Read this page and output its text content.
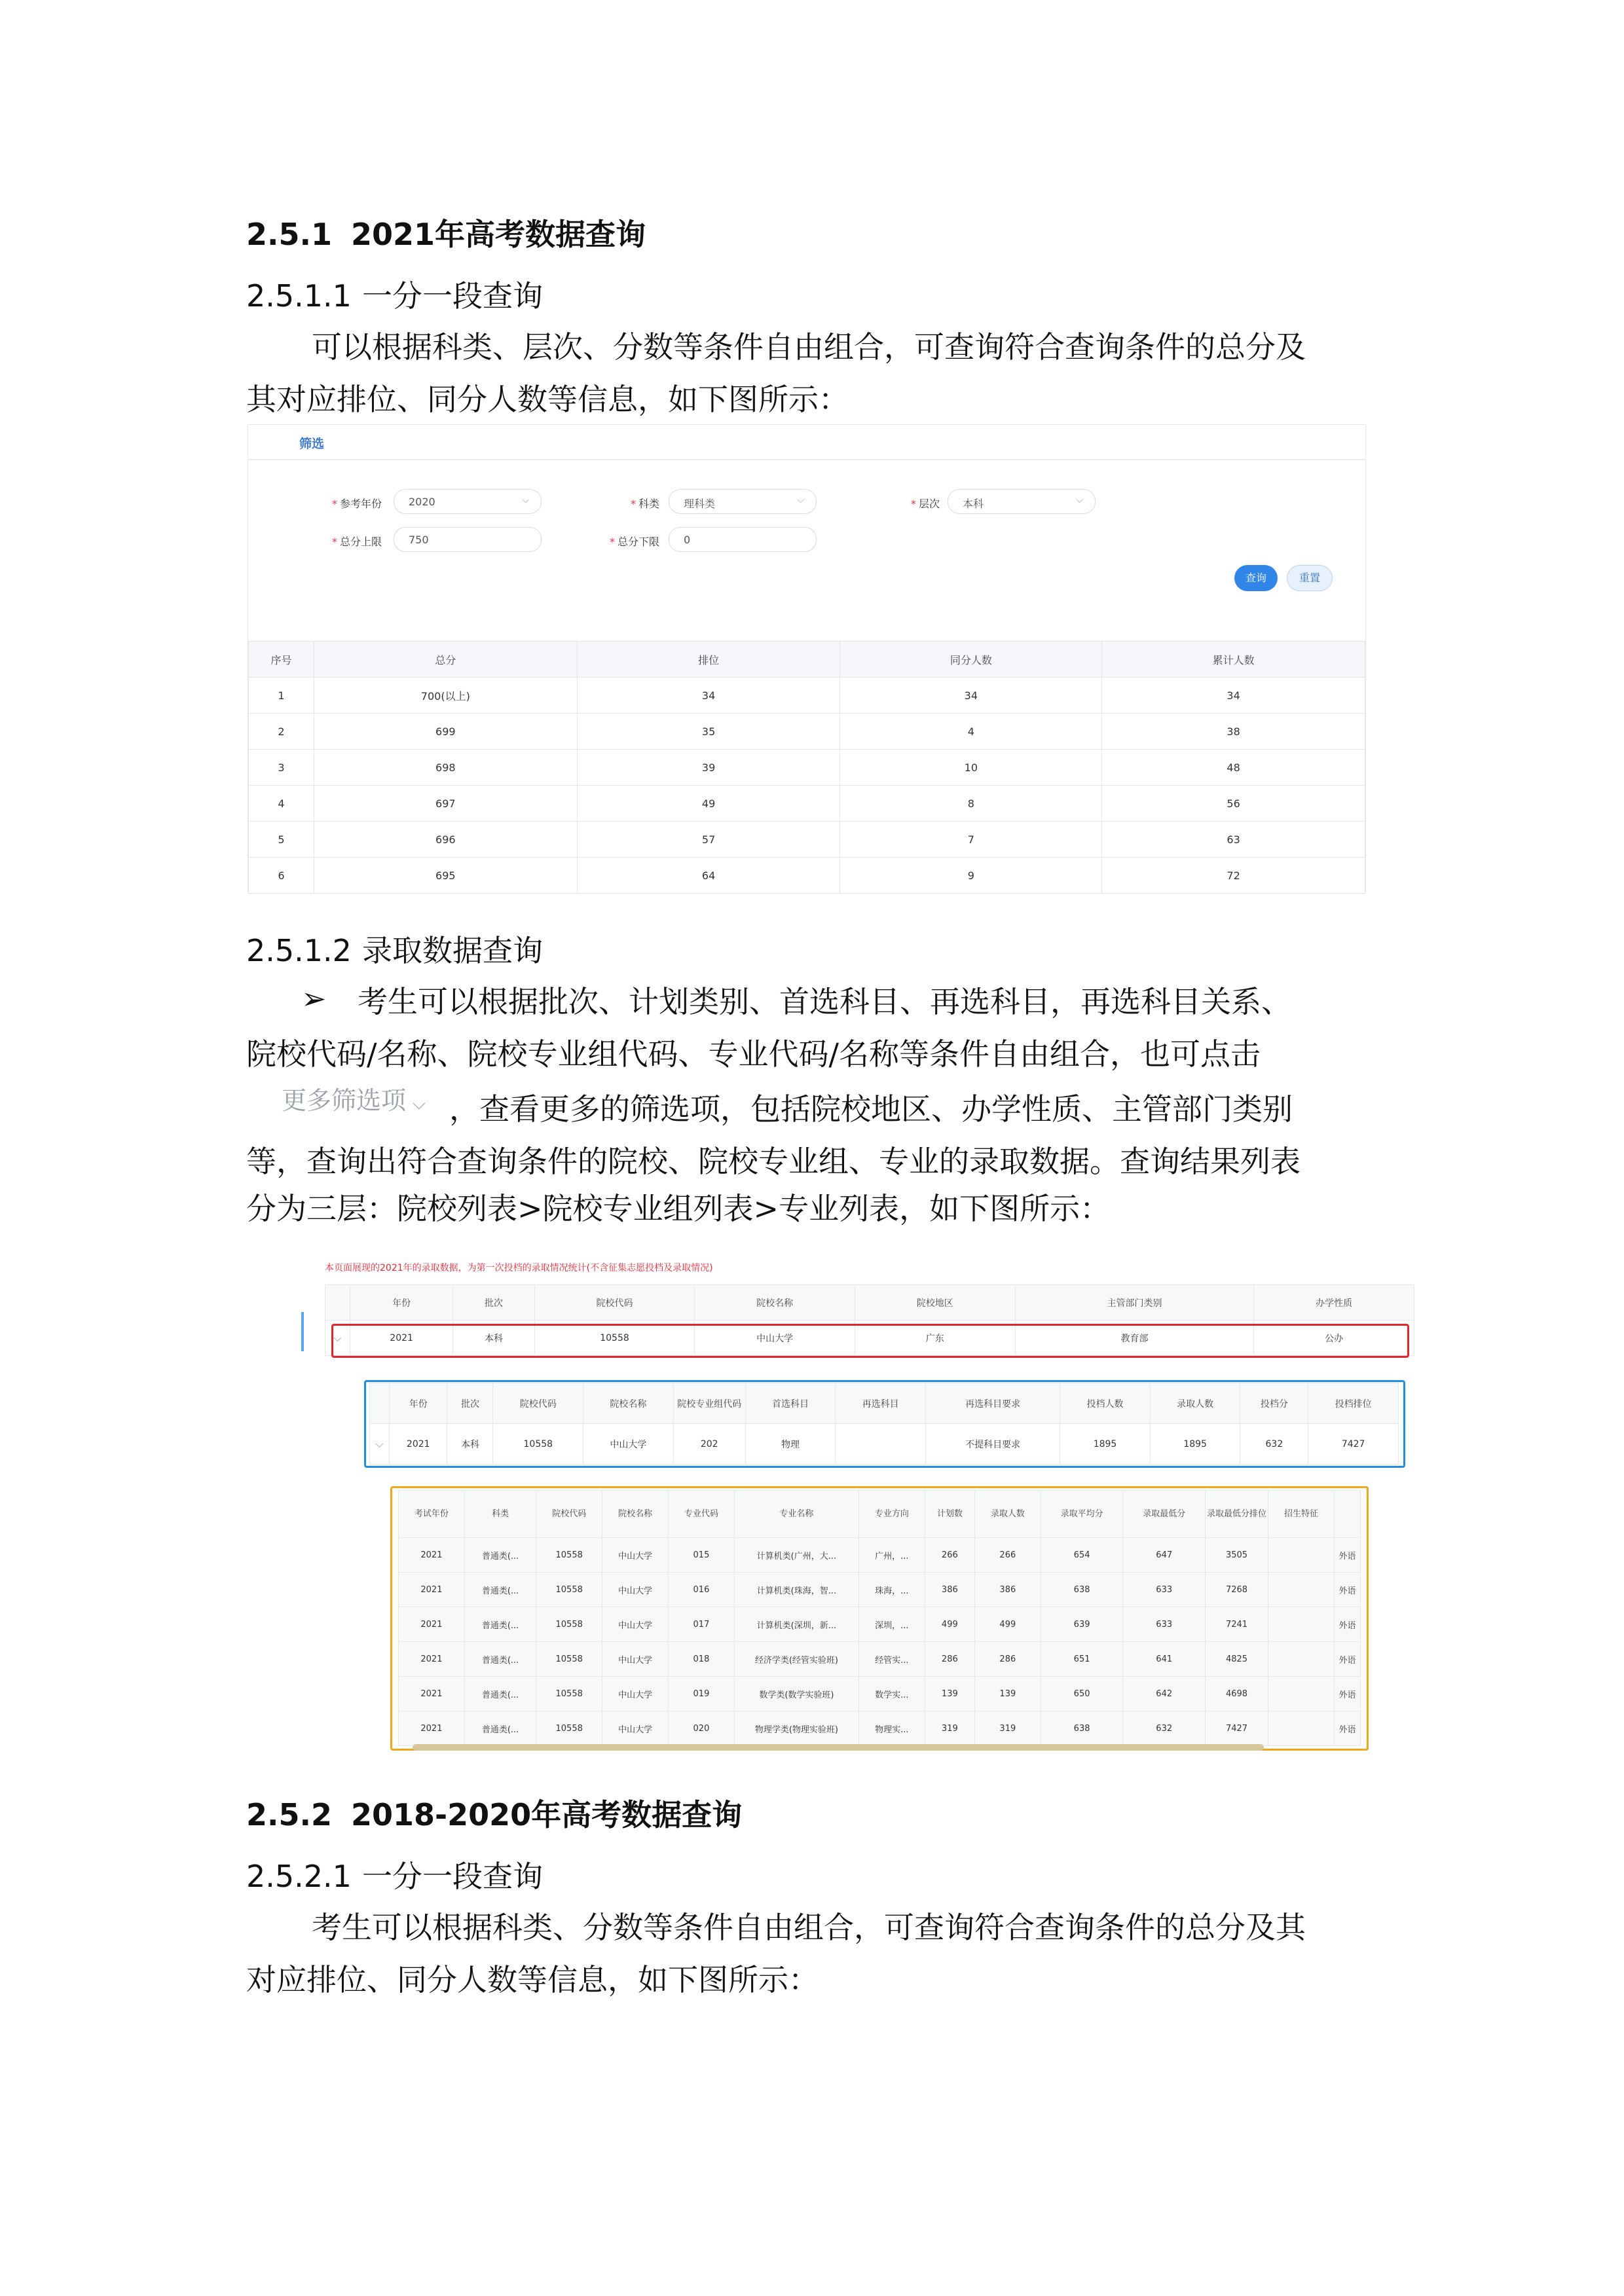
2.5.1 2021年高考数据查询
2.5.1.1 一分一段查询
可以根据科类、层次、分数等条件自由组合，可查询符合查询条件的总分及
其对应排位、同分人数等信息，如下图所示：
筛选
* 参考年份	2020	⌵	* 科类	理科类	⌵	* 层次	本科	⌵
* 总分上限	750	* 总分下限	0
查询	重置
序号	总分	排位	同分人数	累计人数
1	700(以上)	34	34	34
2	699	35	4	38
3	698	39	10	48
4	697	49	8	56
5	696	57	7	63
6	695	64	9	72
2.5.1.2 录取数据查询
➢	考生可以根据批次、计划类别、首选科目、再选科目，再选科目关系、
院校代码/名称、院校专业组代码、专业代码/名称等条件自由组合，也可点击
更多筛选项 ⌵ ，查看更多的筛选项，包括院校地区、办学性质、主管部门类别
等，查询出符合查询条件的院校、院校专业组、专业的录取数据。查询结果列表
分为三层：院校列表>院校专业组列表>专业列表，如下图所示：
本页面展现的2021年的录取数据，为第一次投档的录取情况统计(不含征集志愿投档及录取情况)
	年份	批次	院校代码	院校名称	院校地区	主管部门类别	办学性质
⌵	2021	本科	10558	中山大学	广东	教育部	公办
	年份	批次	院校代码	院校名称	院校专业组代码	首选科目	再选科目	再选科目要求	投档人数	录取人数	投档分	投档排位
⌵	2021	本科	10558	中山大学	202	物理		不提科目要求	1895	1895	632	7427
考试年份	科类	院校代码	院校名称	专业代码	专业名称	专业方向	计划数	录取人数	录取平均分	录取最低分	录取最低分排位	招生特征	
2021	普通类(...	10558	中山大学	015	计算机类(广州，大...	广州，...	266	266	654	647	3505		外语
2021	普通类(...	10558	中山大学	016	计算机类(珠海，智...	珠海，...	386	386	638	633	7268		外语
2021	普通类(...	10558	中山大学	017	计算机类(深圳，新...	深圳，...	499	499	639	633	7241		外语
2021	普通类(...	10558	中山大学	018	经济学类(经管实验班)	经管实...	286	286	651	641	4825		外语
2021	普通类(...	10558	中山大学	019	数学类(数学实验班)	数学实...	139	139	650	642	4698		外语
2021	普通类(...	10558	中山大学	020	物理学类(物理实验班)	物理实...	319	319	638	632	7427		外语
2.5.2 2018-2020年高考数据查询
2.5.2.1 一分一段查询
考生可以根据科类、分数等条件自由组合，可查询符合查询条件的总分及其
对应排位、同分人数等信息，如下图所示：
